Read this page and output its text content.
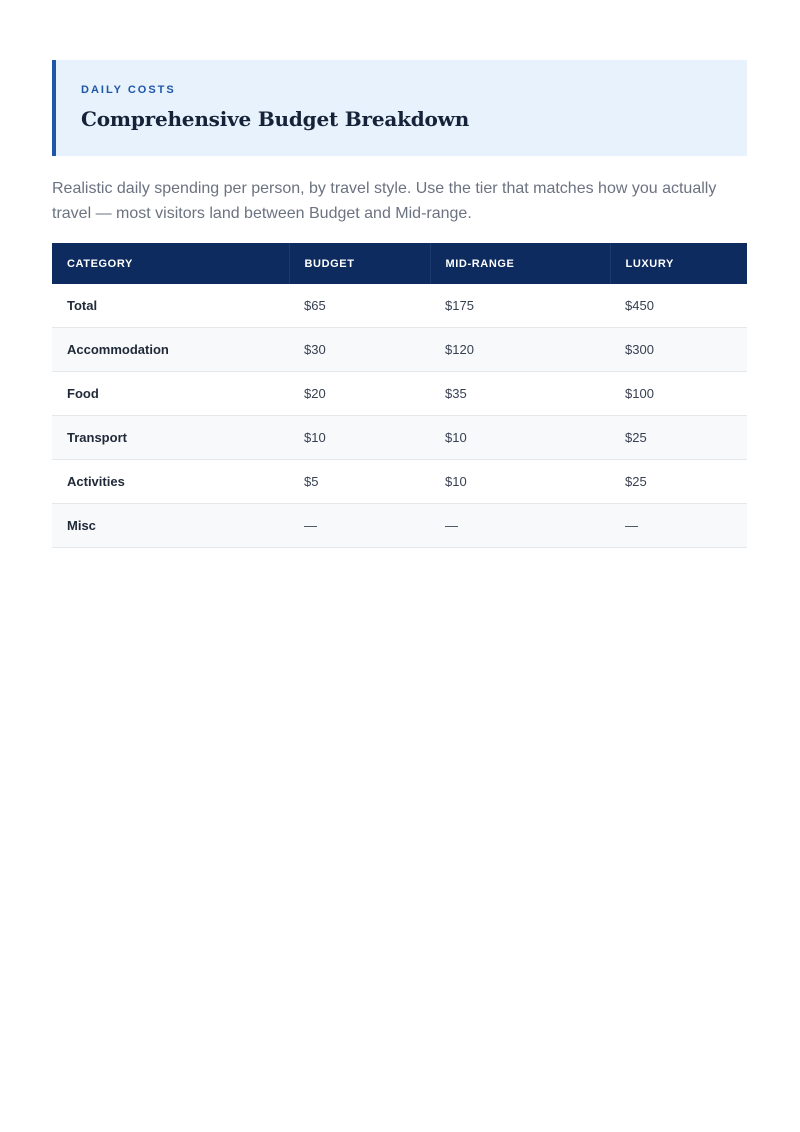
DAILY COSTS
Comprehensive Budget Breakdown

Realistic daily spending per person, by travel style. Use the tier that matches how you actually travel — most visitors land between Budget and Mid-range.

CATEGORY	BUDGET	MID-RANGE	LUXURY
Total	$65	$175	$450
Accommodation	$30	$120	$300
Food	$20	$35	$100
Transport	$10	$10	$25
Activities	$5	$10	$25
Misc	—	—	—
